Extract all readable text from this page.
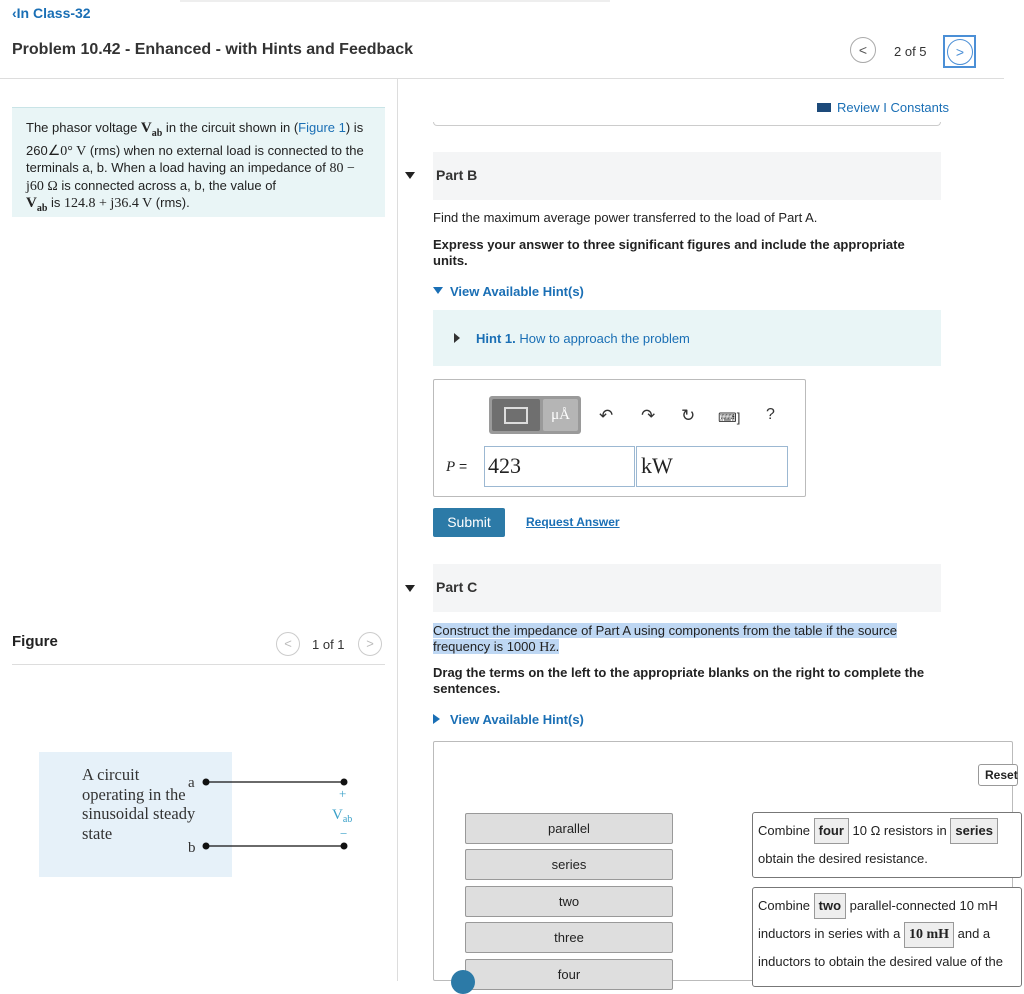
‹In Class-32
Problem 10.42 - Enhanced - with Hints and Feedback	<	2 of 5	>
The phasor voltage $V_{ab}$ in the circuit shown in (Figure 1) is 260∠0° V (rms) when no external load is connected to the terminals a, b. When a load having an impedance of 80 − j60 Ω is connected across a, b, the value of
$V_{ab}$ is 124.8 + j36.4 V (rms).
Figure	<	1 of 1	>
A circuit operating in the sinusoidal steady state
a
b
+
$V_{ab}$
−
Review I Constants
Part B
Find the maximum average power transferred to the load of Part A.
Express your answer to three significant figures and include the appropriate units.
View Available Hint(s)
Hint 1. How to approach the problem
μÅ	↶ ↷ ↻ ⌨] ?
P = 423	kW
Submit	Request Answer
Part C
Construct the impedance of Part A using components from the table if the source frequency is 1000 Hz.
Drag the terms on the left to the appropriate blanks on the right to complete the sentences.
View Available Hint(s)
Reset
parallel
series
two
three
four
Combine four 10 Ω resistors in series
obtain the desired resistance.
Combine two parallel-connected 10 mH
inductors in series with a 10 mH and a
inductors to obtain the desired value of the
